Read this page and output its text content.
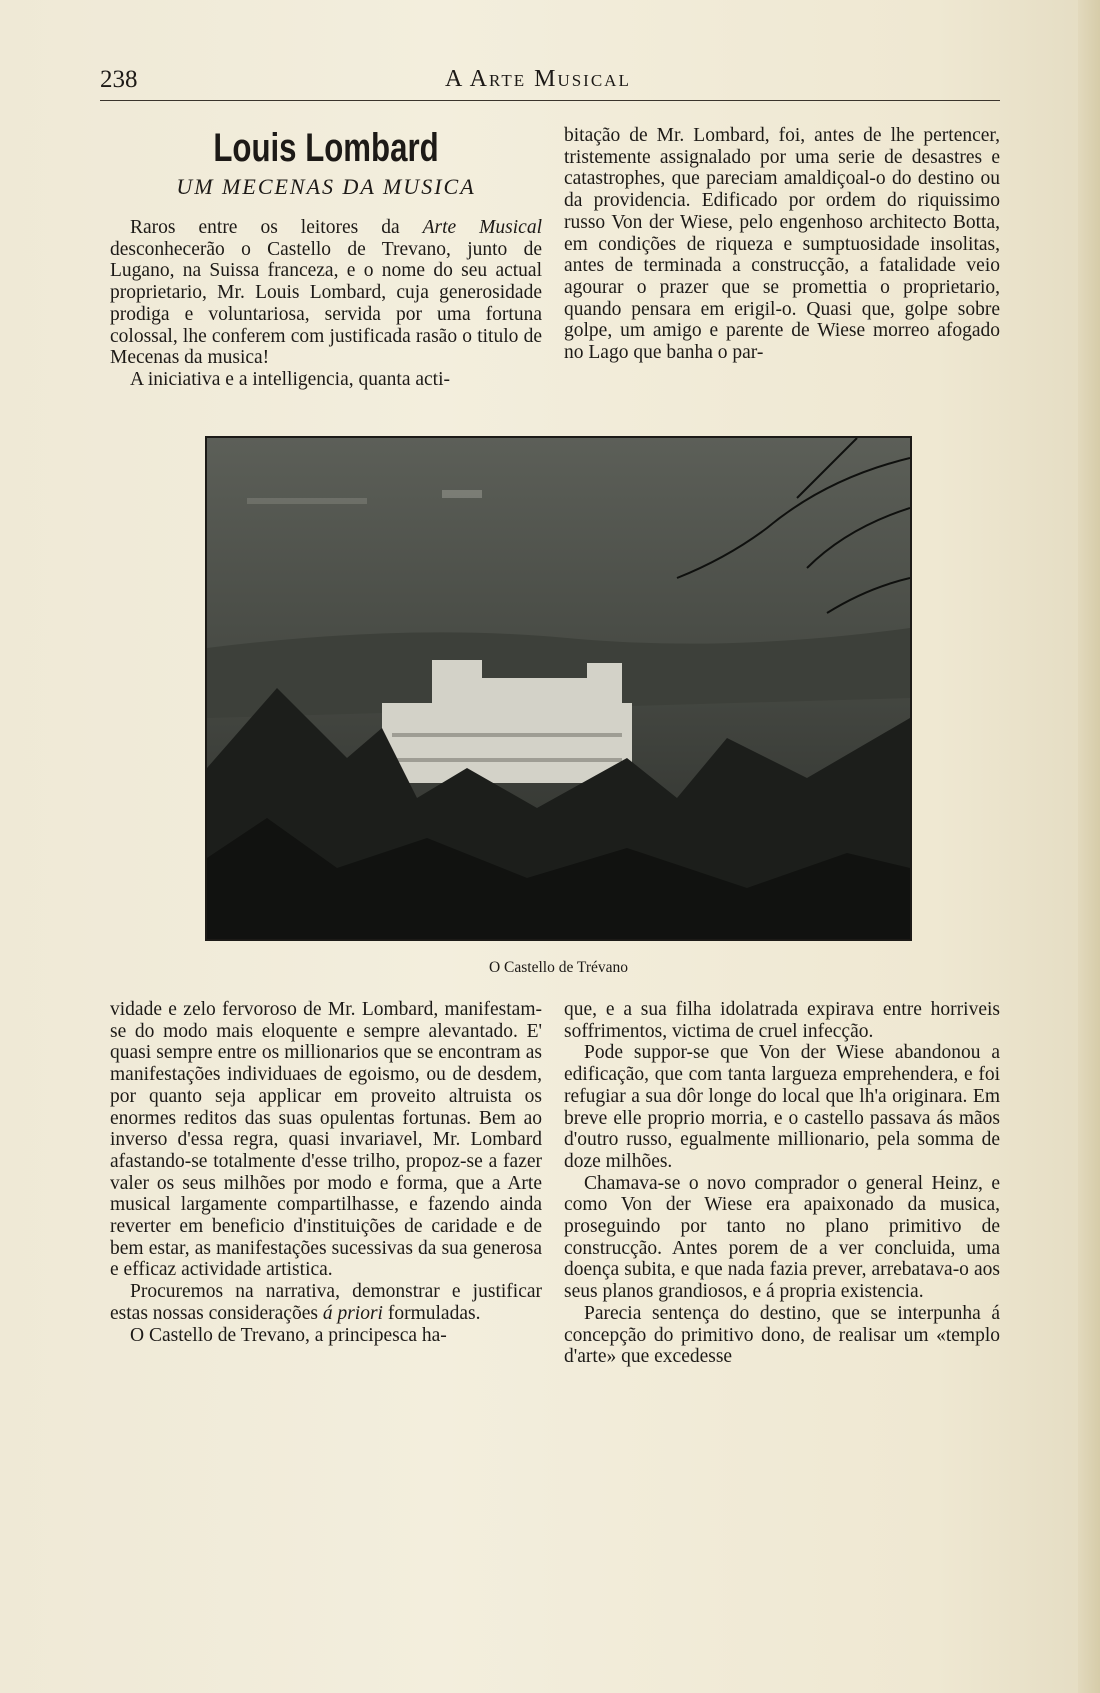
238	A Arte Musical
Louis Lombard
UM MECENAS DA MUSICA

Raros entre os leitores da Arte Musical desconhecerão o Castello de Trevano, junto de Lugano, na Suissa franceza, e o nome do seu actual proprietario, Mr. Louis Lombard, cuja generosidade prodiga e voluntariosa, servida por uma fortuna colossal, lhe conferem com justificada rasão o titulo de Mecenas da musica!

A iniciativa e a intelligencia, quanta acti-

bitação de Mr. Lombard, foi, antes de lhe pertencer, tristemente assignalado por uma serie de desastres e catastrophes, que pareciam amaldiçoal-o do destino ou da providencia. Edificado por ordem do riquissimo russo Von der Wiese, pelo engenhoso architecto Botta, em condições de riqueza e sumptuosidade insolitas, antes de terminada a construcção, a fatalidade veio agourar o prazer que se promettia o proprietario, quando pensara em erigil-o. Quasi que, golpe sobre golpe, um amigo e parente de Wiese morreo afogado no Lago que banha o par-

O Castello de Trévano

vidade e zelo fervoroso de Mr. Lombard, manifestam-se do modo mais eloquente e sempre alevantado. E' quasi sempre entre os millionarios que se encontram as manifestações individuaes de egoismo, ou de desdem, por quanto seja applicar em proveito altruista os enormes reditos das suas opulentas fortunas. Bem ao inverso d'essa regra, quasi invariavel, Mr. Lombard afastando-se totalmente d'esse trilho, propoz-se a fazer valer os seus milhões por modo e forma, que a Arte musical largamente compartilhasse, e fazendo ainda reverter em beneficio d'instituições de caridade e de bem estar, as manifestações sucessivas da sua generosa e efficaz actividade artistica.

Procuremos na narrativa, demonstrar e justificar estas nossas considerações á priori formuladas.

O Castello de Trevano, a principesca ha-

que, e a sua filha idolatrada expirava entre horriveis soffrimentos, victima de cruel infecção.

Pode suppor-se que Von der Wiese abandonou a edificação, que com tanta largueza emprehendera, e foi refugiar a sua dôr longe do local que lh'a originara. Em breve elle proprio morria, e o castello passava ás mãos d'outro russo, egualmente millionario, pela somma de doze milhões.

Chamava-se o novo comprador o general Heinz, e como Von der Wiese era apaixonado da musica, proseguindo por tanto no plano primitivo de construcção. Antes porem de a ver concluida, uma doença subita, e que nada fazia prever, arrebatava-o aos seus planos grandiosos, e á propria existencia.

Parecia sentença do destino, que se interpunha á concepção do primitivo dono, de realisar um «templo d'arte» que excedesse
